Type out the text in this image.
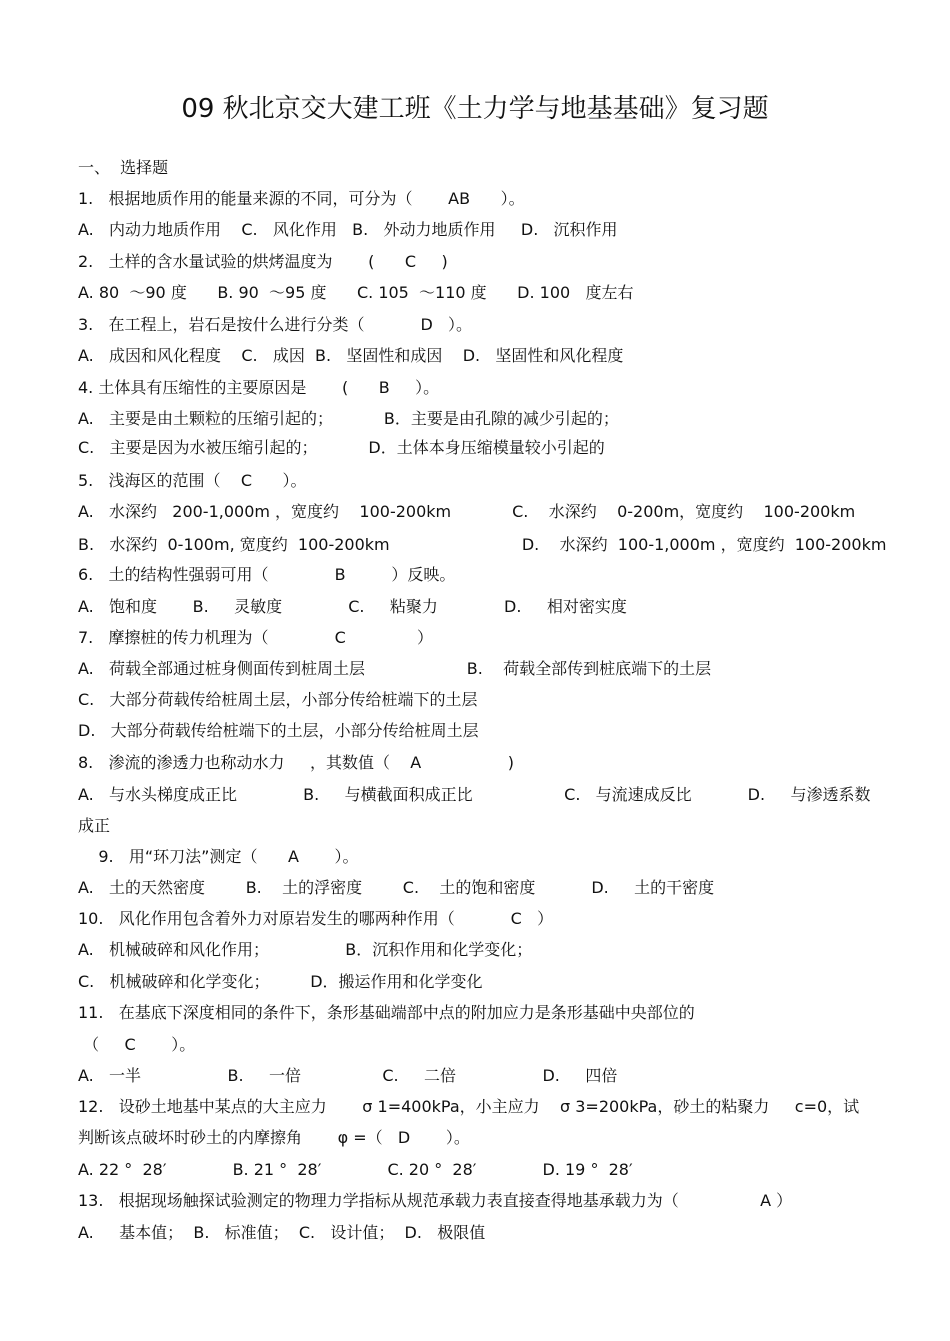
09 秋北京交大建工班《土力学与地基基础》复习题
一、  选择题
1.   根据地质作用的能量来源的不同，可分为（       AB      ）。
A.   内动力地质作用    C.   风化作用   B.   外动力地质作用     D.   沉积作用
2.   土样的含水量试验的烘烤温度为       (      C     )
A. 80  ～90 度      B. 90  ～95 度      C. 105  ～110 度      D. 100   度左右
3.   在工程上，岩石是按什么进行分类（           D   ）。
A.   成因和风化程度    C.   成因  B.   坚固性和成因    D.   坚固性和风化程度
4. 土体具有压缩性的主要原因是       (      B     ）。
A.   主要是由土颗粒的压缩引起的；          B．主要是由孔隙的减少引起的；
C.   主要是因为水被压缩引起的；          D．土体本身压缩模量较小引起的
5.   浅海区的范围（    C      ）。
A.   水深约   200-1,000m ，宽度约    100-200km            C.    水深约    0-200m，宽度约    100-200km
B.   水深约  0-100m, 宽度约  100-200km                          D.    水深约  100-1,000m ，宽度约  100-200km
6.   土的结构性强弱可用（             B         ）反映。
A.   饱和度       B.     灵敏度             C.     粘聚力             D.     相对密实度
7.   摩擦桩的传力机理为（             C              ）
A.   荷载全部通过桩身侧面传到桩周土层                    B.    荷载全部传到桩底端下的土层
C.   大部分荷载传给桩周土层，小部分传给桩端下的土层
D.   大部分荷载传给桩端下的土层，小部分传给桩周土层
8.   渗流的渗透力也称动水力     ，其数值（    A                 )
A.   与水头梯度成正比             B.     与横截面积成正比                  C.   与流速成反比           D.     与渗透系数
成正
9.   用“环刀法”测定（      A       ）。
A.   土的天然密度        B.    土的浮密度        C.    土的饱和密度           D.     土的干密度
10.   风化作用包含着外力对原岩发生的哪两种作用（           C   ）
A.   机械破碎和风化作用；               B．沉积作用和化学变化；
C.   机械破碎和化学变化；        D．搬运作用和化学变化
11.   在基底下深度相同的条件下，条形基础端部中点的附加应力是条形基础中央部位的
（     C       ）。
A.   一半                 B.     一倍                C.     二倍                 D.     四倍
12.   设砂土地基中某点的大主应力       σ 1=400kPa，小主应力    σ 3=200kPa，砂土的粘聚力     c=0，试
判断该点破坏时砂土的内摩擦角       φ =（   D       ）。
A. 22 °  28′             B. 21 °  28′             C. 20 °  28′             D. 19 °  28′
13.   根据现场触探试验测定的物理力学指标从规范承载力表直接查得地基承载力为（                A ）
A.     基本值；  B.   标准值；  C.   设计值；  D.   极限值
